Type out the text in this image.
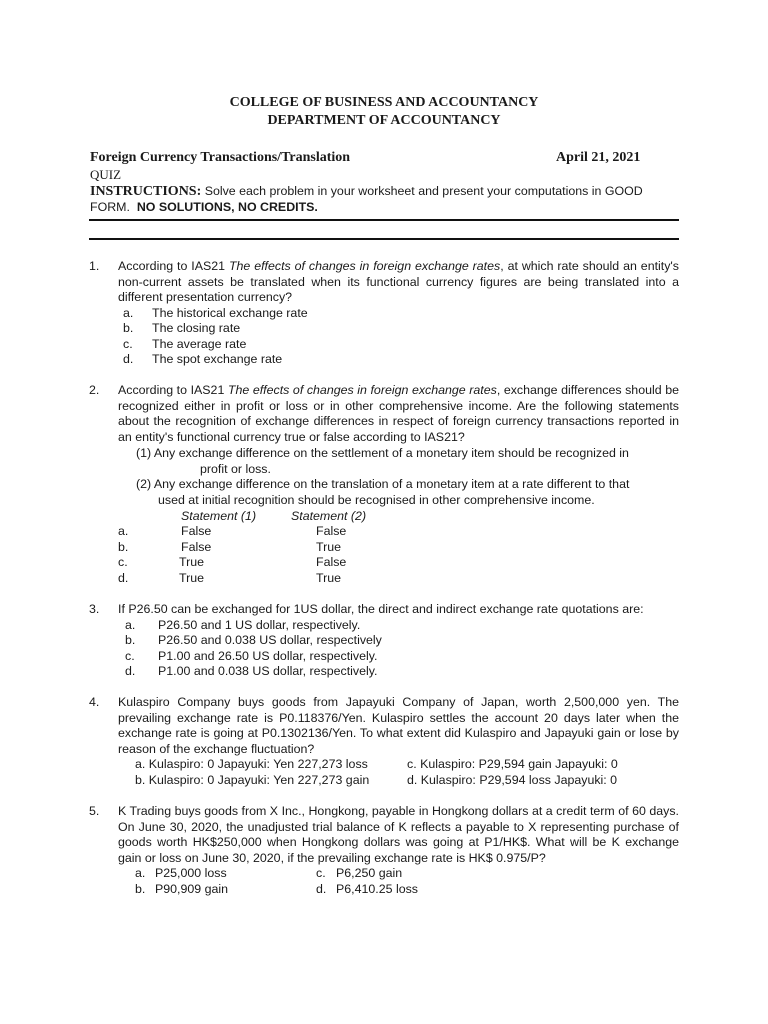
COLLEGE OF BUSINESS AND ACCOUNTANCY
DEPARTMENT OF ACCOUNTANCY
Foreign Currency Transactions/Translation	April 21, 2021
QUIZ
INSTRUCTIONS: Solve each problem in your worksheet and present your computations in GOOD FORM. NO SOLUTIONS, NO CREDITS.
1. According to IAS21 The effects of changes in foreign exchange rates, at which rate should an entity's non-current assets be translated when its functional currency figures are being translated into a different presentation currency?

a. The historical exchange rate
b. The closing rate
c. The average rate
d. The spot exchange rate
2. According to IAS21 The effects of changes in foreign exchange rates, exchange differences should be recognized either in profit or loss or in other comprehensive income. Are the following statements about the recognition of exchange differences in respect of foreign currency transactions reported in an entity's functional currency true or false according to IAS21?

(1) Any exchange difference on the settlement of a monetary item should be recognized in
profit or loss.
(2) Any exchange difference on the translation of a monetary item at a rate different to that
used at initial recognition should be recognised in other comprehensive income.
Statement (1)	Statement (2)
a.	False	False
b.	False	True
c.	True	False
d.	True	True
3. If P26.50 can be exchanged for 1US dollar, the direct and indirect exchange rate quotations are:

a. P26.50 and 1 US dollar, respectively.
b. P26.50 and 0.038 US dollar, respectively
c. P1.00 and 26.50 US dollar, respectively.
d. P1.00 and 0.038 US dollar, respectively.
4. Kulaspiro Company buys goods from Japayuki Company of Japan, worth 2,500,000 yen. The prevailing exchange rate is P0.118376/Yen. Kulaspiro settles the account 20 days later when the exchange rate is going at P0.1302136/Yen. To what extent did Kulaspiro and Japayuki gain or lose by reason of the exchange fluctuation?

a. Kulaspiro: 0 Japayuki: Yen 227,273 loss	c. Kulaspiro: P29,594 gain Japayuki: 0
b. Kulaspiro: 0 Japayuki: Yen 227,273 gain	d. Kulaspiro: P29,594 loss Japayuki: 0
5. K Trading buys goods from X Inc., Hongkong, payable in Hongkong dollars at a credit term of 60 days. On June 30, 2020, the unadjusted trial balance of K reflects a payable to X representing purchase of goods worth HK$250,000 when Hongkong dollars was going at P1/HK$. What will be K exchange gain or loss on June 30, 2020, if the prevailing exchange rate is HK$ 0.975/P?

a. P25,000 loss	c. P6,250 gain
b. P90,909 gain	d. P6,410.25 loss
